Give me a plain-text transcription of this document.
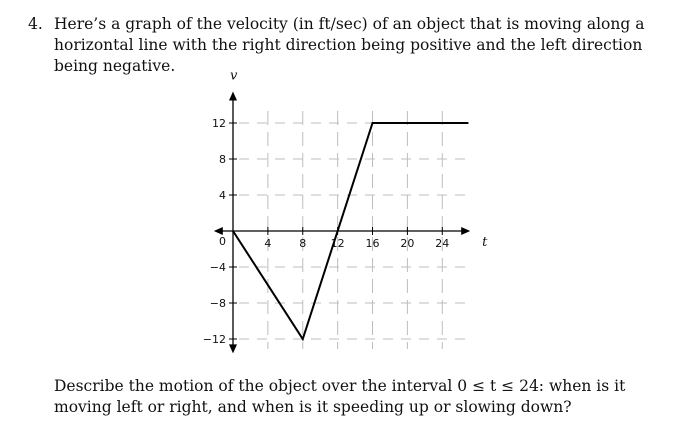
4. Here’s a graph of the velocity (in ft/sec) of an object that is moving along a horizontal line with the right direction being positive and the left direction being negative.
t
v
4	8 12 16 20 24
12
8
4
0
−4
−8
−12
Describe the motion of the object over the interval 0 ≤ t ≤ 24: when is it moving left or right, and when is it speeding up or slowing down?
